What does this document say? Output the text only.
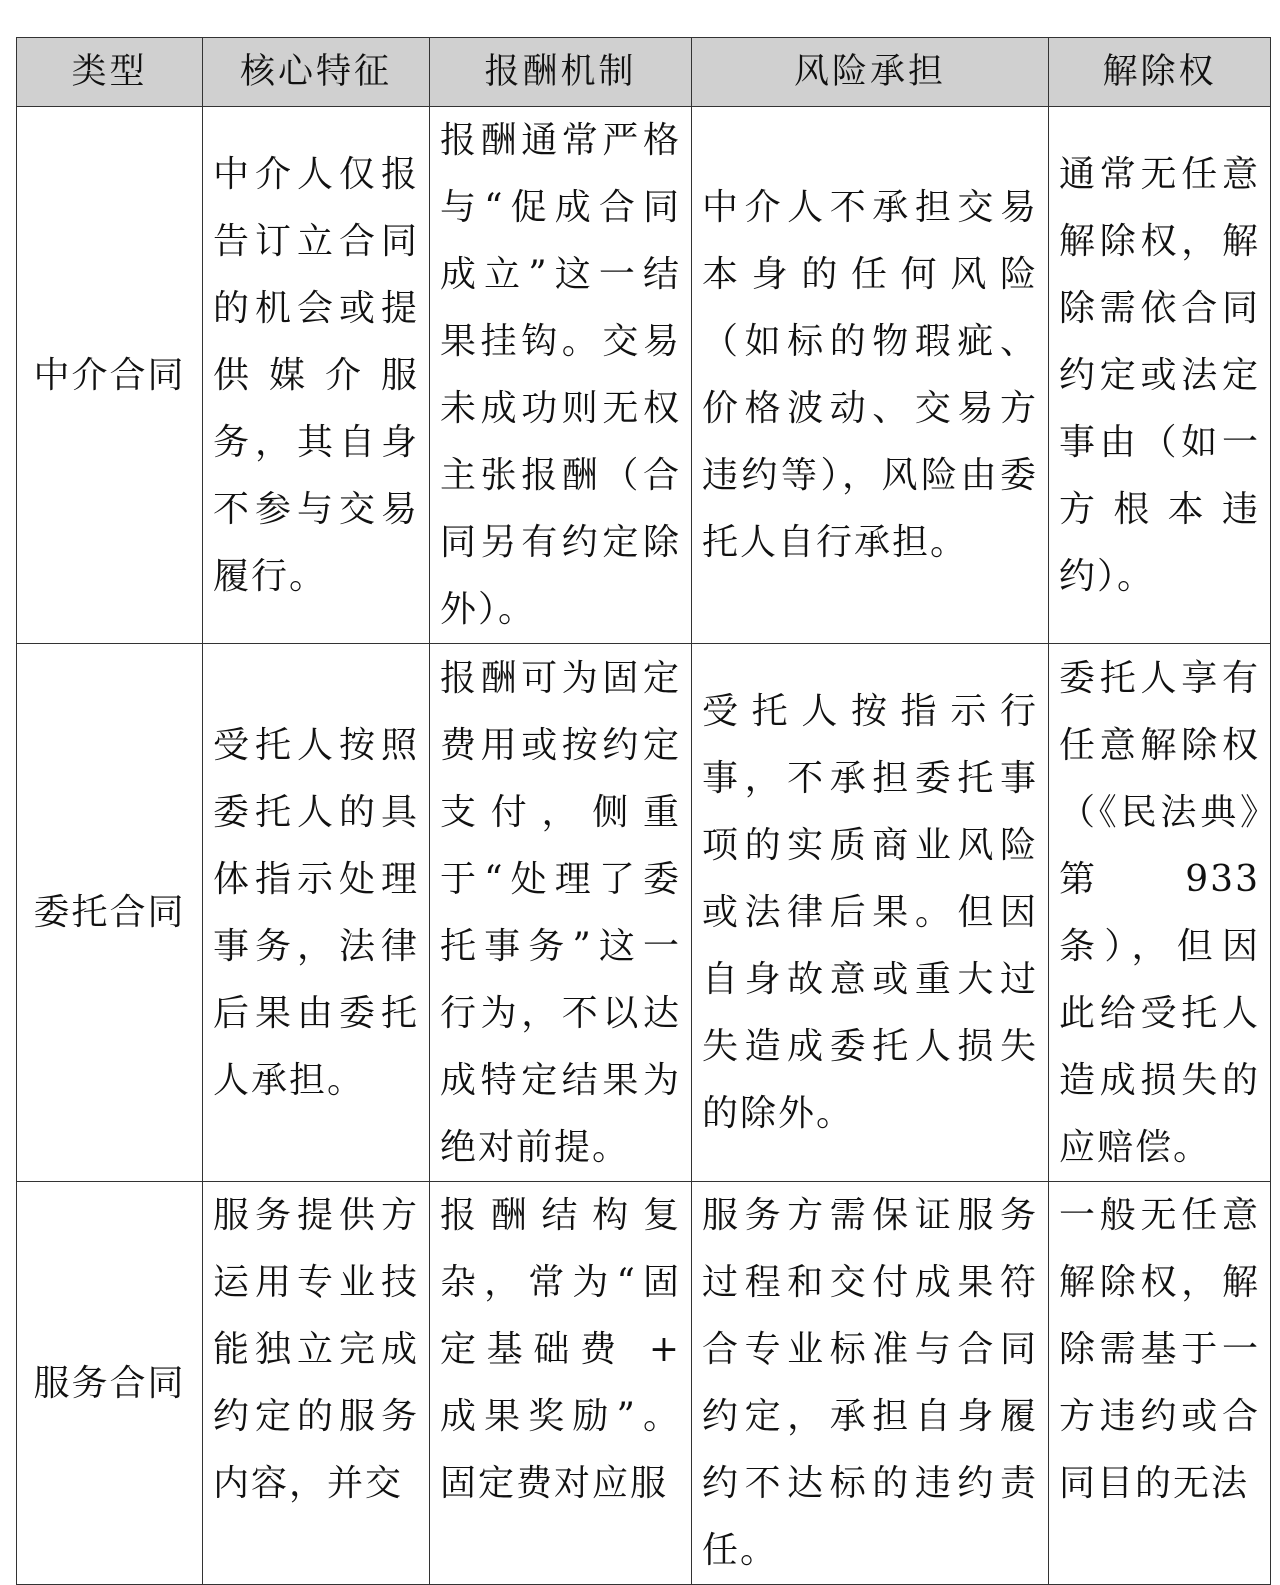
类型	核心特征	报酬机制	风险承担	解除权
中介合同	中介人仅报告订立合同的机会或提供媒介服务，其自身不参与交易履行。	报酬通常严格与“促成合同成立”这一结果挂钩。交易未成功则无权主张报酬（合同另有约定除外）。	中介人不承担交易本身的任何风险（如标的物瑕疵、价格波动、交易方违约等），风险由委托人自行承担。	通常无任意解除权，解除需依合同约定或法定事由（如一方根本违约）。
委托合同	受托人按照委托人的具体指示处理事务，法律后果由委托人承担。	报酬可为固定费用或按约定支付，侧重于“处理了委托事务”这一行为，不以达成特定结果为绝对前提。	受托人按指示行事，不承担委托事项的实质商业风险或法律后果。但因自身故意或重大过失造成委托人损失的除外。	委托人享有任意解除权（《民法典》第 933 条），但因此给受托人造成损失的应赔偿。
服务合同	服务提供方运用专业技能独立完成约定的服务内容，并交	报酬结构复杂，常为“固定基础费 + 成果奖励”。固定费对应服	服务方需保证服务过程和交付成果符合专业标准与合同约定，承担自身履约不达标的违约责任。	一般无任意解除权，解除需基于一方违约或合同目的无法
